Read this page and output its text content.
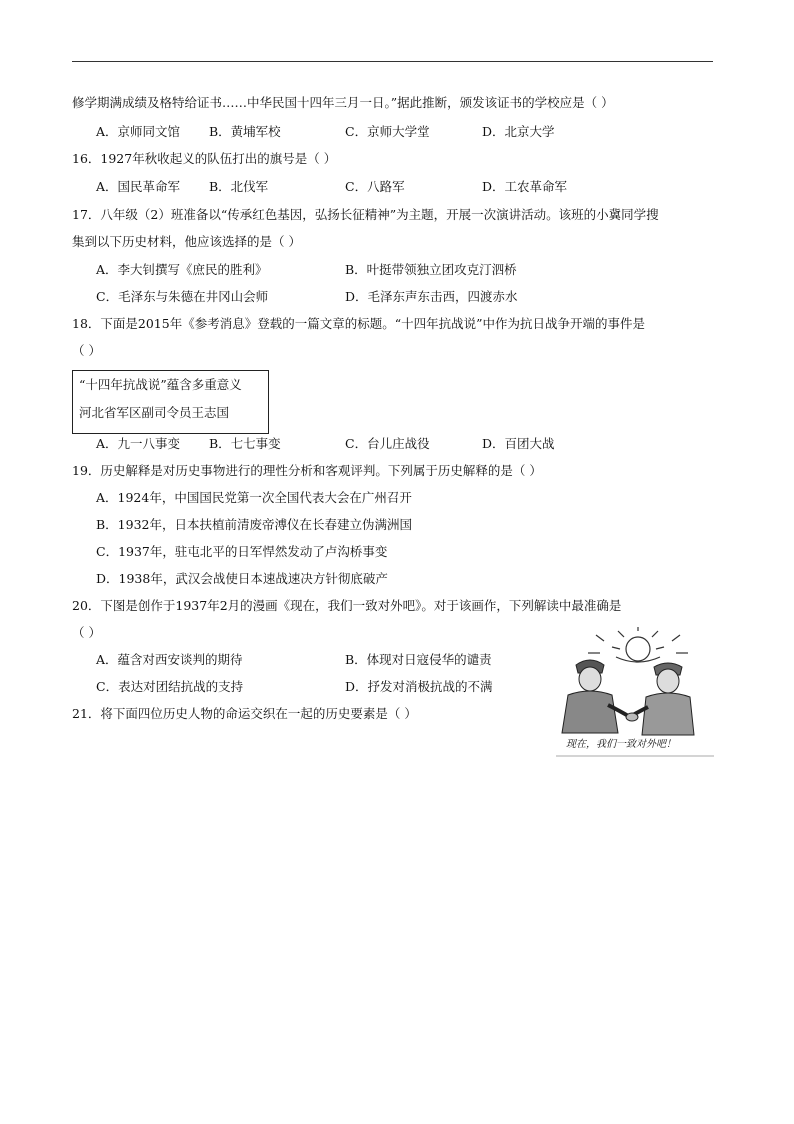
修学期满成绩及格特给证书……中华民国十四年三月一日。”据此推断，颁发该证书的学校应是（ ）
A．京师同文馆 B．黄埔军校	C．京师大学堂	D．北京大学
16．1927年秋收起义的队伍打出的旗号是（ ）
A．国民革命军 B．北伐军	C．八路军	D．工农革命军
17．八年级（2）班准备以“传承红色基因，弘扬长征精神”为主题，开展一次演讲活动。该班的小冀同学搜
集到以下历史材料，他应该选择的是（ ）
A．李大钊撰写《庶民的胜利》	B．叶挺带领独立团攻克汀泗桥
C．毛泽东与朱德在井冈山会师	D．毛泽东声东击西，四渡赤水
18．下面是2015年《参考消息》登载的一篇文章的标题。“十四年抗战说”中作为抗日战争开端的事件是
（ ）
“十四年抗战说”蕴含多重意义
河北省军区副司令员王志国
A．九一八事变 B．七七事变	C．台儿庄战役	D．百团大战
19．历史解释是对历史事物进行的理性分析和客观评判。下列属于历史解释的是（ ）
A．1924年，中国国民党第一次全国代表大会在广州召开
B．1932年，日本扶植前清废帝溥仪在长春建立伪满洲国
C．1937年，驻屯北平的日军悍然发动了卢沟桥事变
D．1938年，武汉会战使日本速战速决方针彻底破产
20．下图是创作于1937年2月的漫画《现在，我们一致对外吧》。对于该画作，下列解读中最准确是
（ ）
A．蕴含对西安谈判的期待	B．体现对日寇侵华的谴责
C．表达对团结抗战的支持	D．抒发对消极抗战的不满
现在，我们一致对外吧！
21．将下面四位历史人物的命运交织在一起的历史要素是（ ）
